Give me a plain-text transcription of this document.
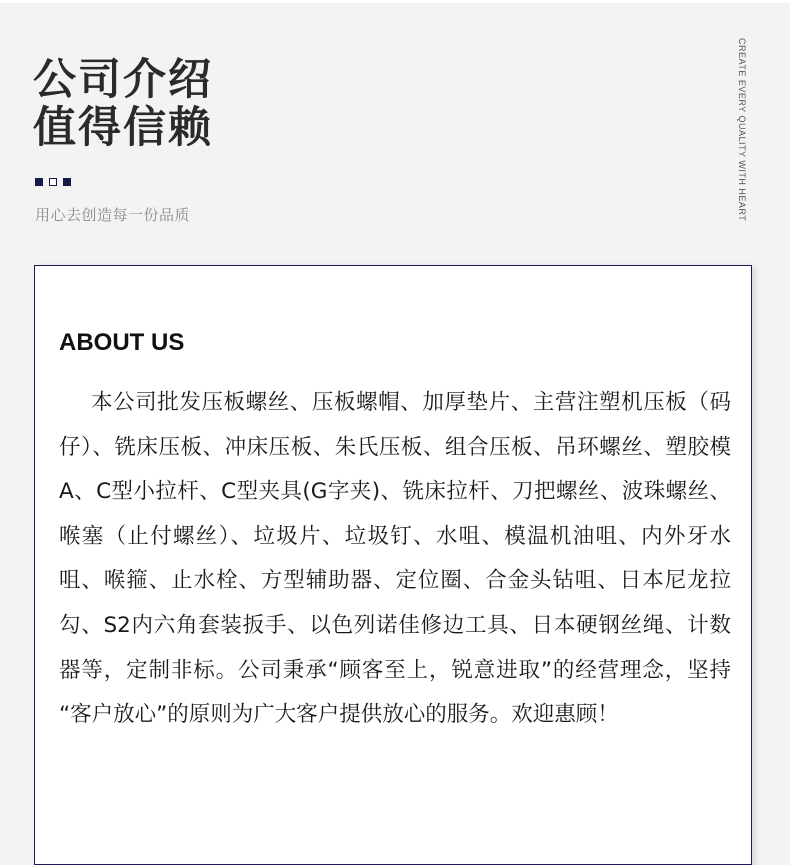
公司介绍
值得信赖	CREATE EVERY QUALITY WITH HEART
用心去创造每一份品质
ABOUT US

本公司批发压板螺丝、压板螺帽、加厚垫片、主营注塑机压板（码仔）、铣床压板、冲床压板、朱氏压板、组合压板、吊环螺丝、塑胶模A、C型小拉杆、C型夹具(G字夹)、铣床拉杆、刀把螺丝、波珠螺丝、喉塞（止付螺丝）、垃圾片、垃圾钉、水咀、模温机油咀、内外牙水咀、喉箍、止水栓、方型辅助器、定位圈、合金头钻咀、日本尼龙拉勾、S2内六角套装扳手、以色列诺佳修边工具、日本硬钢丝绳、计数器等，定制非标。公司秉承“顾客至上，锐意进取”的经营理念，坚持　　“客户放心”的原则为广大客户提供放心的服务。欢迎惠顾！
